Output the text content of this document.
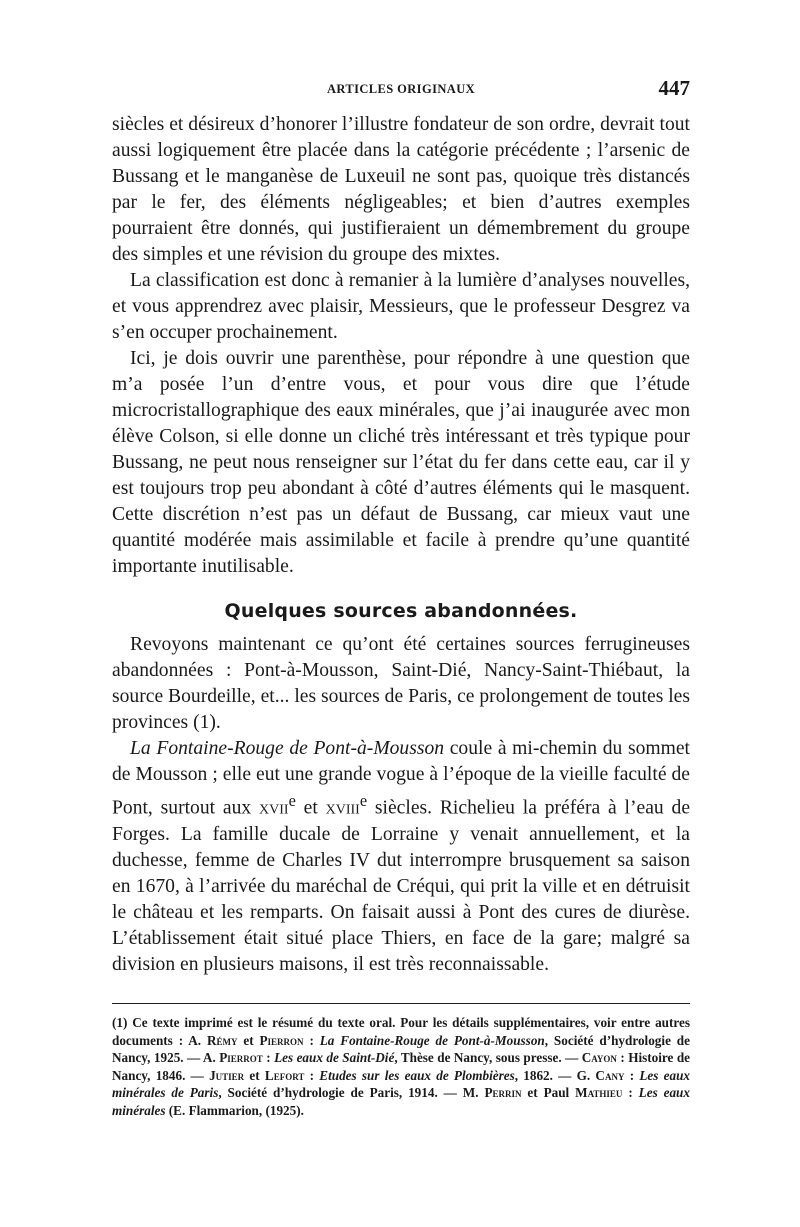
ARTICLES ORIGINAUX	447

siècles et désireux d’honorer l’illustre fondateur de son ordre, devrait tout aussi logiquement être placée dans la catégorie précédente ; l’arsenic de Bussang et le manganèse de Luxeuil ne sont pas, quoique très distancés par le fer, des éléments négligeables; et bien d’autres exemples pourraient être donnés, qui justifieraient un démembrement du groupe des simples et une révision du groupe des mixtes.

La classification est donc à remanier à la lumière d’analyses nouvelles, et vous apprendrez avec plaisir, Messieurs, que le professeur Desgrez va s’en occuper prochainement.

Ici, je dois ouvrir une parenthèse, pour répondre à une question que m’a posée l’un d’entre vous, et pour vous dire que l’étude microcristallographique des eaux minérales, que j’ai inaugurée avec mon élève Colson, si elle donne un cliché très intéressant et très typique pour Bussang, ne peut nous renseigner sur l’état du fer dans cette eau, car il y est toujours trop peu abondant à côté d’autres éléments qui le masquent. Cette discrétion n’est pas un défaut de Bussang, car mieux vaut une quantité modérée mais assimilable et facile à prendre qu’une quantité importante inutilisable.

Quelques sources abandonnées.

Revoyons maintenant ce qu’ont été certaines sources ferrugineuses abandonnées : Pont-à-Mousson, Saint-Dié, Nancy-Saint-Thiébaut, la source Bourdeille, et... les sources de Paris, ce prolongement de toutes les provinces (1).

La Fontaine-Rouge de Pont-à-Mousson coule à mi-chemin du sommet de Mousson ; elle eut une grande vogue à l’époque de la vieille faculté de Pont, surtout aux xvii$^e$ et xviii$^e$ siècles. Richelieu la préféra à l’eau de Forges. La famille ducale de Lorraine y venait annuellement, et la duchesse, femme de Charles IV dut interrompre brusquement sa saison en 1670, à l’arrivée du maréchal de Créqui, qui prit la ville et en détruisit le château et les remparts. On faisait aussi à Pont des cures de diurèse. L’établissement était situé place Thiers, en face de la gare; malgré sa division en plusieurs maisons, il est très reconnaissable.

(1) Ce texte imprimé est le résumé du texte oral. Pour les détails supplémentaires, voir entre autres documents : A. Rémy et Pierron : La Fontaine-Rouge de Pont-à-Mousson, Société d’hydrologie de Nancy, 1925. — A. Pierrot : Les eaux de Saint-Dié, Thèse de Nancy, sous presse. — Cayon : Histoire de Nancy, 1846. — Jutier et Lefort : Etudes sur les eaux de Plombières, 1862. — G. Cany : Les eaux minérales de Paris, Société d’hydrologie de Paris, 1914. — M. Perrin et Paul Mathieu : Les eaux minérales (E. Flammarion, (1925).
